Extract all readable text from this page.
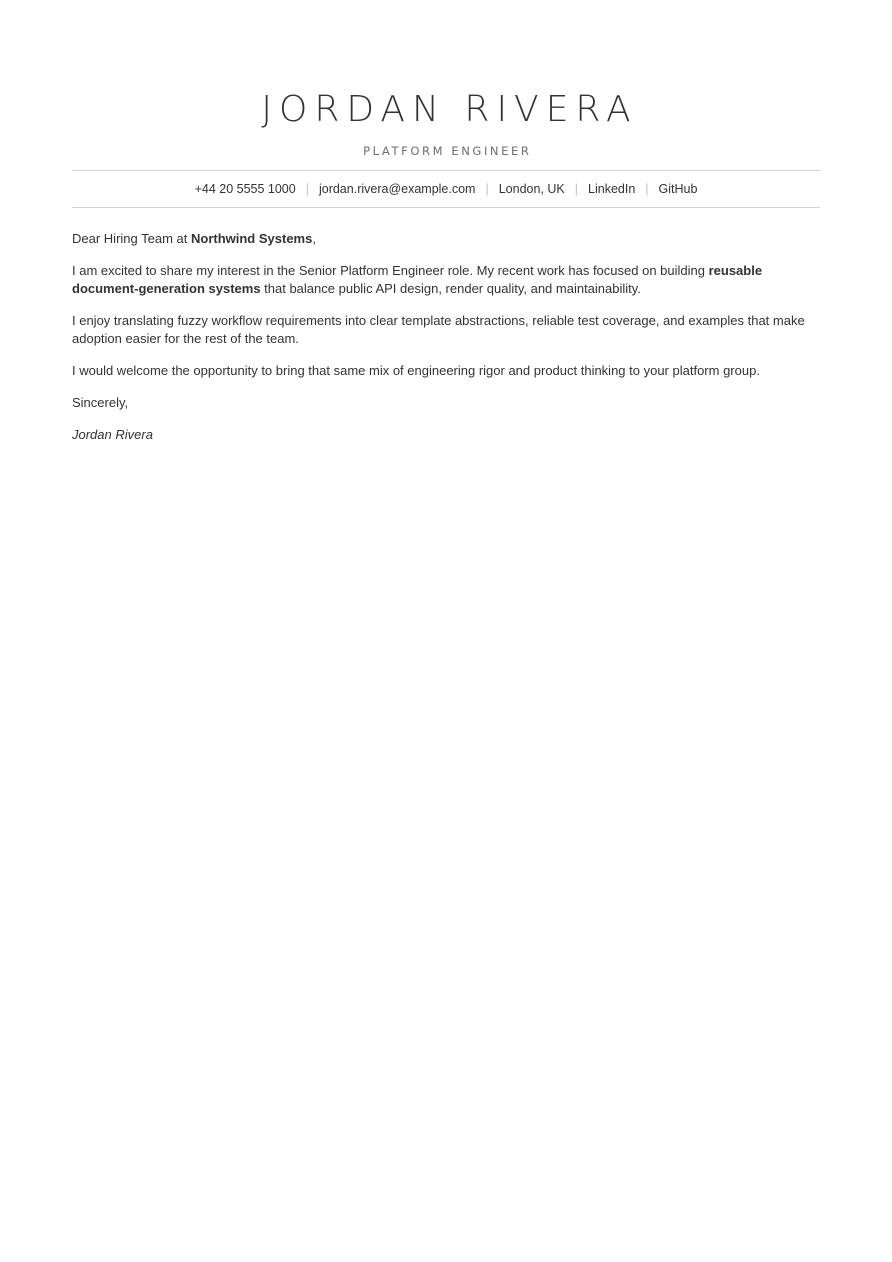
JORDAN RIVERA
PLATFORM ENGINEER
+44 20 5555 1000 | jordan.rivera@example.com | London, UK | LinkedIn | GitHub

Dear Hiring Team at Northwind Systems,

I am excited to share my interest in the Senior Platform Engineer role. My recent work has focused on building reusable document-generation systems that balance public API design, render quality, and maintainability.

I enjoy translating fuzzy workflow requirements into clear template abstractions, reliable test coverage, and examples that make adoption easier for the rest of the team.

I would welcome the opportunity to bring that same mix of engineering rigor and product thinking to your platform group.

Sincerely,

Jordan Rivera
